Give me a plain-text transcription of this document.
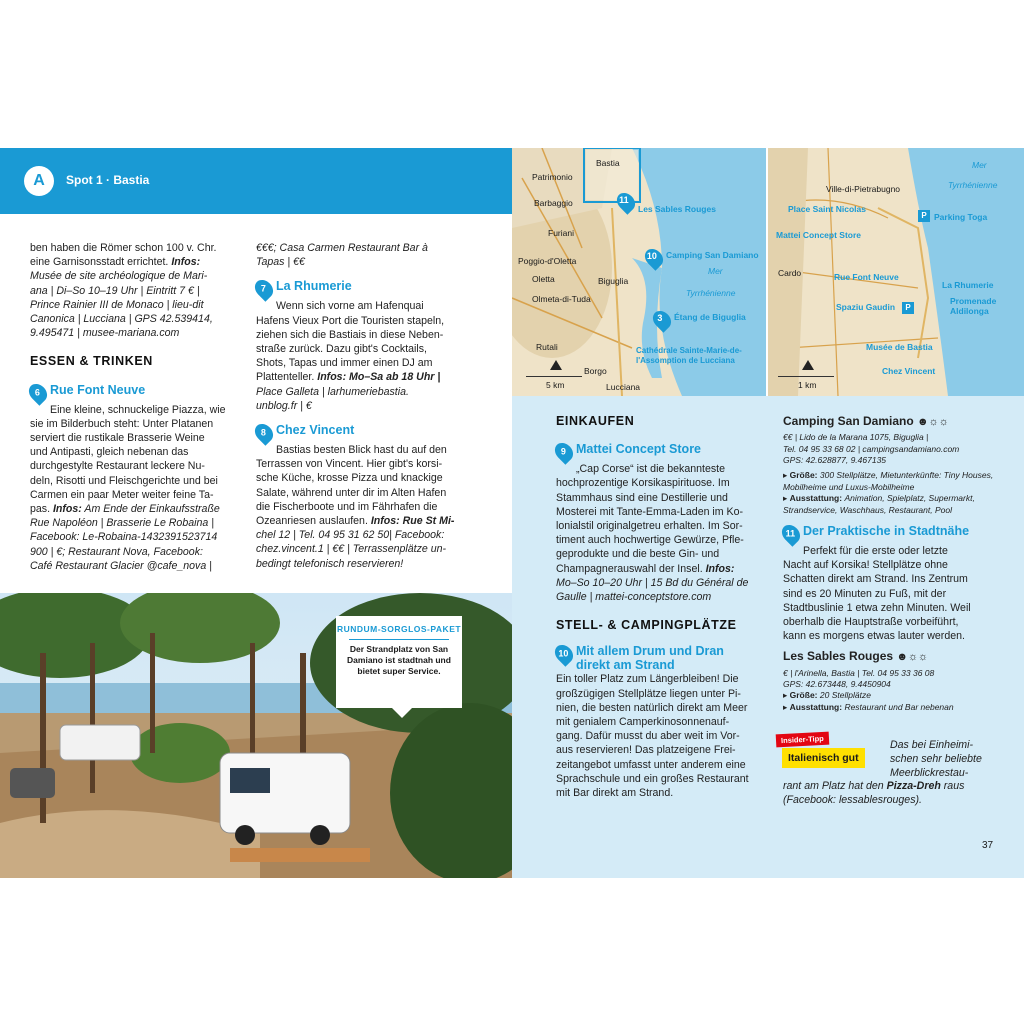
A	Spot 1 · Bastia
ben haben die Römer schon 100 v. Chr.
eine Garnisonsstadt errichtet. Infos:
Musée de site archéologique de Mari-
ana | Di–So 10–19 Uhr | Eintritt 7 € |
Prince Rainier III de Monaco | lieu-dit
Canonica | Lucciana | GPS 42.539414,
9.495471 | musee-mariana.com
ESSEN & TRINKEN
6 Rue Font Neuve
Eine kleine, schnuckelige Piazza, wie
sie im Bilderbuch steht: Unter Platanen
serviert die rustikale Brasserie Weine
und Antipasti, gleich nebenan das
durchgestylte Restaurant leckere Nu-
deln, Risotti und Fleischgerichte und bei
Carmen ein paar Meter weiter feine Ta-
pas. Infos: Am Ende der Einkaufsstraße
Rue Napoléon | Brasserie Le Robaina |
Facebook: Le-Robaina-1432391523714
900 | €; Restaurant Nova, Facebook:
Café Restaurant Glacier @cafe_nova |
€€€; Casa Carmen Restaurant Bar à
Tapas | €€
7 La Rhumerie
Wenn sich vorne am Hafenquai
Hafens Vieux Port die Touristen stapeln,
ziehen sich die Bastiais in diese Neben-
straße zurück. Dazu gibt's Cocktails,
Shots, Tapas und immer einen DJ am
Plattenteller. Infos: Mo–Sa ab 18 Uhr |
Place Galleta | larhumeriebastia.
unblog.fr | €
8 Chez Vincent
Bastias besten Blick hast du auf den
Terrassen von Vincent. Hier gibt's korsi-
sche Küche, krosse Pizza und knackige
Salate, während unter dir im Alten Hafen
die Fischerboote und im Fährhafen die
Ozeanriesen auslaufen. Infos: Rue St Mi-
chel 12 | Tel. 04 95 31 62 50| Facebook:
chez.vincent.1 | €€ | Terrassenplätze un-
bedingt telefonisch reservieren!
RUNDUM-SORGLOS-PAKET
Der Strandplatz von San Damiano ist stadtnah und bietet super Service.

Bastia
Patrimonio
Barbaggio
Furiani
Poggio-d'Oletta
Oletta	Biguglia
Olmeta-di-Tuda
Rutali
Borgo
Lucciana
Mer
Tyrrhénienne
5 km
11
Les Sables Rouges
10	Camping San Damiano
3	Étang de Biguglia
Cathédrale Sainte-Marie-de-l'Assomption de Lucciana

Mer
Tyrrhénienne
Ville-di-Pietrabugno
Cardo
1 km
Place Saint Nicolas

P Parking Toga
Mattei Concept Store

Rue Font Neuve

La Rhumerie
Spaziu Gaudin	P

Promenade Aldilonga
Musée de Bastia

Chez Vincent
EINKAUFEN
9 Mattei Concept Store
„Cap Corse“ ist die bekannteste
hochprozentige Korsikaspirituose. Im
Stammhaus sind eine Destillerie und
Mosterei mit Tante-Emma-Laden im Ko-
lonialstil originalgetreu erhalten. Im Sor-
timent auch hochwertige Gewürze, Pfle-
geprodukte und die beste Gin- und
Champagnerauswahl der Insel. Infos:
Mo–So 10–20 Uhr | 15 Bd du Général de
Gaulle | mattei-conceptstore.com
STELL- & CAMPINGPLÄTZE
10 Mit allem Drum und Dran
direkt am Strand
Ein toller Platz zum Längerbleiben! Die
großzügigen Stellplätze liegen unter Pi-
nien, die besten natürlich direkt am Meer
mit genialem Camperkinosonnenauf-
gang. Dafür musst du aber weit im Vor-
aus reservieren! Das platzeigene Frei-
zeitangebot umfasst unter anderem eine
Sprachschule und ein großes Restaurant
mit Bar direkt am Strand.
Camping San Damiano ☻☼☼
€€ | Lido de la Marana 1075, Biguglia |
Tel. 04 95 33 68 02 | campingsandamiano.com
GPS: 42.628877, 9.467135
▸ Größe: 300 Stellplätze, Mietunterkünfte: Tiny Houses, Mobilheime und Luxus-Mobilheime
▸ Ausstattung: Animation, Spielplatz, Supermarkt, Strandservice, Waschhaus, Restaurant, Pool
11 Der Praktische in Stadtnähe
Perfekt für die erste oder letzte
Nacht auf Korsika! Stellplätze ohne
Schatten direkt am Strand. Ins Zentrum
sind es 20 Minuten zu Fuß, mit der
Stadtbuslinie 1 etwa zehn Minuten. Weil
oberhalb die Hauptstraße vorbeiführt,
kann es morgens etwas lauter werden.
Les Sables Rouges ☻☼☼
€ | l'Arinella, Bastia | Tel. 04 95 33 36 08
GPS: 42.673448, 9.4450904
▸ Größe: 20 Stellplätze
▸ Ausstattung: Restaurant und Bar nebenan
Insider-Tipp
Italienisch gut
Das bei Einheimi-
schen sehr beliebte
Meerblickrestau-
rant am Platz hat den Pizza-Dreh raus
(Facebook: lessablesrouges).
37
